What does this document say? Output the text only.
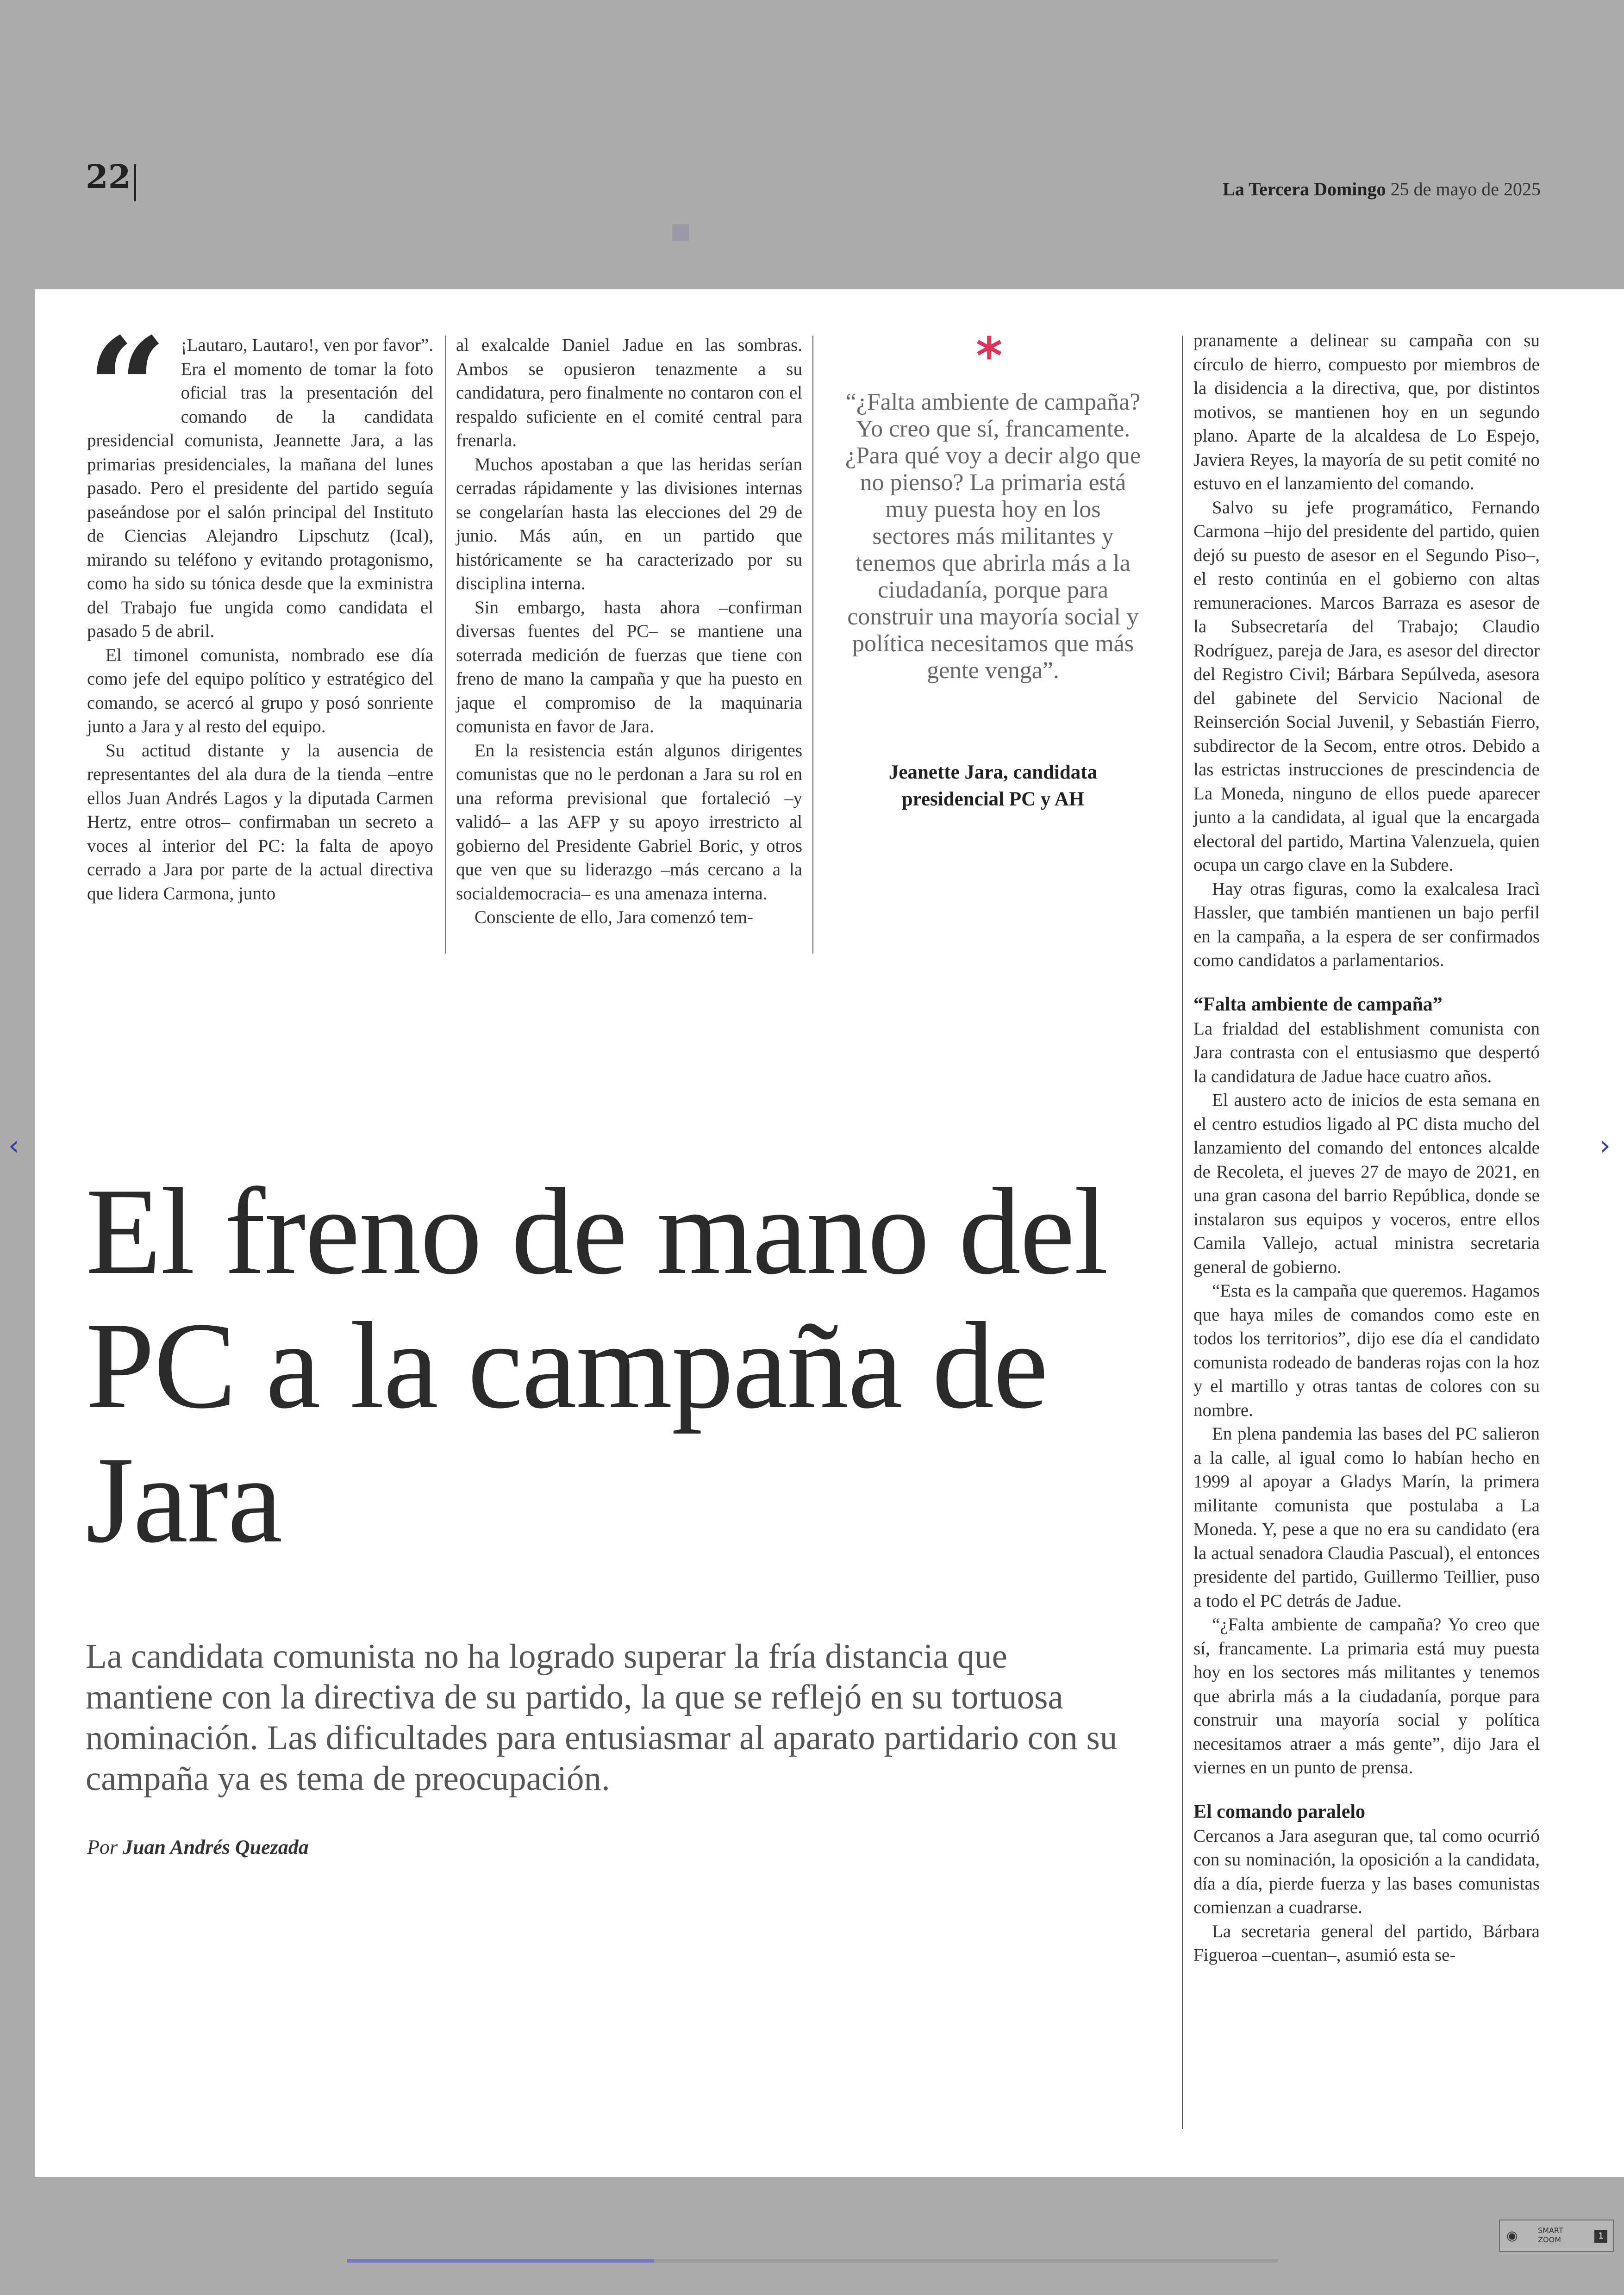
22	La Tercera Domingo 25 de mayo de 2025
“ ¡Lautaro, Lautaro!, ven por favor”. Era el momento de tomar la foto oficial tras la presentación del comando de la candidata presidencial comunista, Jeannette Jara, a las primarias presidenciales, la mañana del lunes pasado. Pero el presidente del partido seguía paseándose por el salón principal del Instituto de Ciencias Alejandro Lipschutz (Ical), mirando su teléfono y evitando protagonismo, como ha sido su tónica desde que la exministra del Trabajo fue ungida como candidata el pasado 5 de abril.

El timonel comunista, nombrado ese día como jefe del equipo político y estratégico del comando, se acercó al grupo y posó sonriente junto a Jara y al resto del equipo.

Su actitud distante y la ausencia de representantes del ala dura de la tienda –entre ellos Juan Andrés Lagos y la diputada Carmen Hertz, entre otros– confirmaban un secreto a voces al interior del PC: la falta de apoyo cerrado a Jara por parte de la actual directiva que lidera Carmona, junto

al exalcalde Daniel Jadue en las sombras. Ambos se opusieron tenazmente a su candidatura, pero finalmente no contaron con el respaldo suficiente en el comité central para frenarla.

Muchos apostaban a que las heridas serían cerradas rápidamente y las divisiones internas se congelarían hasta las elecciones del 29 de junio. Más aún, en un partido que históricamente se ha caracterizado por su disciplina interna.

Sin embargo, hasta ahora –confirman diversas fuentes del PC– se mantiene una soterrada medición de fuerzas que tiene con freno de mano la campaña y que ha puesto en jaque el compromiso de la maquinaria comunista en favor de Jara.

En la resistencia están algunos dirigentes comunistas que no le perdonan a Jara su rol en una reforma previsional que fortaleció –y validó– a las AFP y su apoyo irrestricto al gobierno del Presidente Gabriel Boric, y otros que ven que su liderazgo –más cercano a la socialdemocracia– es una amenaza interna.

Consciente de ello, Jara comenzó tem-

*
“¿Falta ambiente de campaña? Yo creo que sí, francamente. ¿Para qué voy a decir algo que no pienso? La primaria está muy puesta hoy en los sectores más militantes y tenemos que abrirla más a la ciudadanía, porque para construir una mayoría social y política necesitamos que más gente venga”.
Jeanette Jara, candidata presidencial PC y AH

pranamente a delinear su campaña con su círculo de hierro, compuesto por miembros de la disidencia a la directiva, que, por distintos motivos, se mantienen hoy en un segundo plano. Aparte de la alcaldesa de Lo Espejo, Javiera Reyes, la mayoría de su petit comité no estuvo en el lanzamiento del comando.

Salvo su jefe programático, Fernando Carmona –hijo del presidente del partido, quien dejó su puesto de asesor en el Segundo Piso–, el resto continúa en el gobierno con altas remuneraciones. Marcos Barraza es asesor de la Subsecretaría del Trabajo; Claudio Rodríguez, pareja de Jara, es asesor del director del Registro Civil; Bárbara Sepúlveda, asesora del gabinete del Servicio Nacional de Reinserción Social Juvenil, y Sebastián Fierro, subdirector de la Secom, entre otros. Debido a las estrictas instrucciones de prescindencia de La Moneda, ninguno de ellos puede aparecer junto a la candidata, al igual que la encargada electoral del partido, Martina Valenzuela, quien ocupa un cargo clave en la Subdere.

Hay otras figuras, como la exalcalesa Iracì Hassler, que también mantienen un bajo perfil en la campaña, a la espera de ser confirmados como candidatos a parlamentarios.

“Falta ambiente de campaña”

La frialdad del establishment comunista con Jara contrasta con el entusiasmo que despertó la candidatura de Jadue hace cuatro años.

El austero acto de inicios de esta semana en el centro estudios ligado al PC dista mucho del lanzamiento del comando del entonces alcalde de Recoleta, el jueves 27 de mayo de 2021, en una gran casona del barrio República, donde se instalaron sus equipos y voceros, entre ellos Camila Vallejo, actual ministra secretaria general de gobierno.

“Esta es la campaña que queremos. Hagamos que haya miles de comandos como este en todos los territorios”, dijo ese día el candidato comunista rodeado de banderas rojas con la hoz y el martillo y otras tantas de colores con su nombre.

En plena pandemia las bases del PC salieron a la calle, al igual como lo habían hecho en 1999 al apoyar a Gladys Marín, la primera militante comunista que postulaba a La Moneda. Y, pese a que no era su candidato (era la actual senadora Claudia Pascual), el entonces presidente del partido, Guillermo Teillier, puso a todo el PC detrás de Jadue.

“¿Falta ambiente de campaña? Yo creo que sí, francamente. La primaria está muy puesta hoy en los sectores más militantes y tenemos que abrirla más a la ciudadanía, porque para construir una mayoría social y política necesitamos atraer a más gente”, dijo Jara el viernes en un punto de prensa.

El comando paralelo

Cercanos a Jara aseguran que, tal como ocurrió con su nominación, la oposición a la candidata, día a día, pierde fuerza y las bases comunistas comienzan a cuadrarse.

La secretaria general del partido, Bárbara Figueroa –cuentan–, asumió esta se-

El freno de mano del PC a la campaña de Jara
La candidata comunista no ha logrado superar la fría distancia que mantiene con la directiva de su partido, la que se reflejó en su tortuosa nominación. Las dificultades para entusiasmar al aparato partidario con su campaña ya es tema de preocupación.
Por Juan Andrés Quezada
‹	›
◉	SMART
ZOOM	1
